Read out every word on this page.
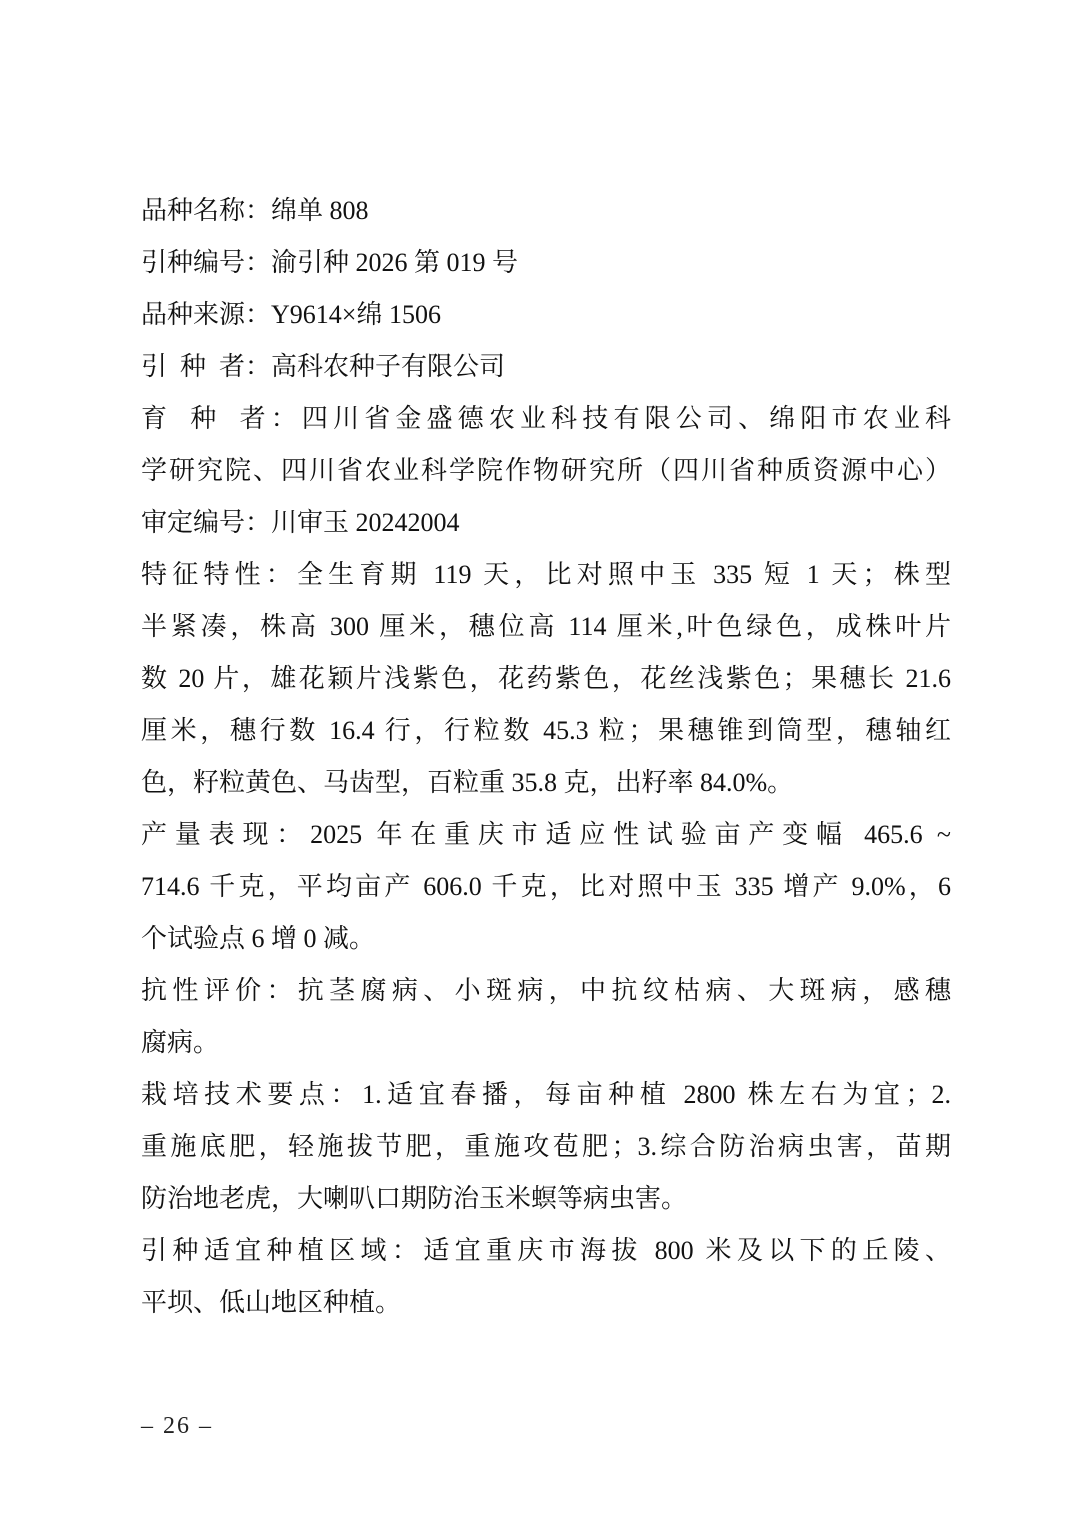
品种名称：绵单 808

引种编号：渝引种 2026 第 019 号

品种来源：Y9614×绵 1506

引 种 者：高科农种子有限公司

育 种 者：四川省金盛德农业科技有限公司、绵阳市农业科
学研究院、四川省农业科学院作物研究所（四川省种质资源中心）

审定编号：川审玉 20242004

特征特性：全生育期 119 天，比对照中玉 335 短 1 天；株型
半紧凑，株高 300 厘米，穗位高 114 厘米,叶色绿色，成株叶片
数 20 片，雄花颖片浅紫色，花药紫色，花丝浅紫色；果穗长 21.6
厘米，穗行数 16.4 行，行粒数 45.3 粒；果穗锥到筒型，穗轴红
色，籽粒黄色、马齿型，百粒重 35.8 克，出籽率 84.0%。

产量表现：2025 年在重庆市适应性试验亩产变幅 465.6 ~
714.6 千克，平均亩产 606.0 千克，比对照中玉 335 增产 9.0%，6
个试验点 6 增 0 减。

抗性评价：抗茎腐病、小斑病，中抗纹枯病、大斑病，感穗
腐病。

栽培技术要点：1.适宜春播，每亩种植 2800 株左右为宜；2.
重施底肥，轻施拔节肥，重施攻苞肥；3.综合防治病虫害，苗期
防治地老虎，大喇叭口期防治玉米螟等病虫害。

引种适宜种植区域：适宜重庆市海拔 800 米及以下的丘陵、
平坝、低山地区种植。

– 26 –
